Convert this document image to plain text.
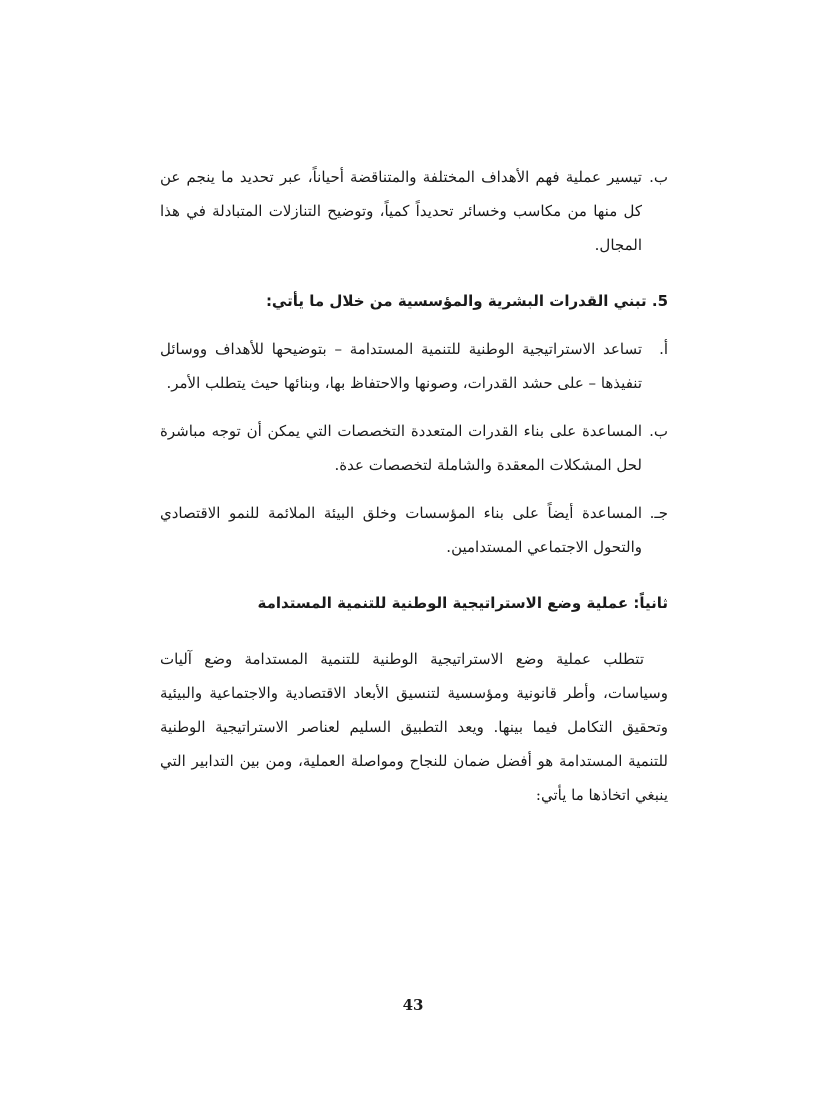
ب.
تيسير عملية فهم الأهداف المختلفة والمتناقضة أحياناً، عبر تحديد ما ينجم عن كل منها من مكاسب وخسائر تحديداً كمياً، وتوضيح التنازلات المتبادلة في هذا المجال.
5. تبني القدرات البشرية والمؤسسية من خلال ما يأتي:
أ.
تساعد الاستراتيجية الوطنية للتنمية المستدامة – بتوضيحها للأهداف ووسائل تنفيذها – على حشد القدرات، وصونها والاحتفاظ بها، وبنائها حيث يتطلب الأمر.
ب.
المساعدة على بناء القدرات المتعددة التخصصات التي يمكن أن توجه مباشرة لحل المشكلات المعقدة والشاملة لتخصصات عدة.
جـ.
المساعدة أيضاً على بناء المؤسسات وخلق البيئة الملائمة للنمو الاقتصادي والتحول الاجتماعي المستدامين.
ثانياً: عملية وضع الاستراتيجية الوطنية للتنمية المستدامة
تتطلب عملية وضع الاستراتيجية الوطنية للتنمية المستدامة وضع آليات وسياسات، وأطر قانونية ومؤسسية لتنسيق الأبعاد الاقتصادية والاجتماعية والبيئية وتحقيق التكامل فيما بينها. ويعد التطبيق السليم لعناصر الاستراتيجية الوطنية للتنمية المستدامة هو أفضل ضمان للنجاح ومواصلة العملية، ومن بين التدابير التي ينبغي اتخاذها ما يأتي:
43
